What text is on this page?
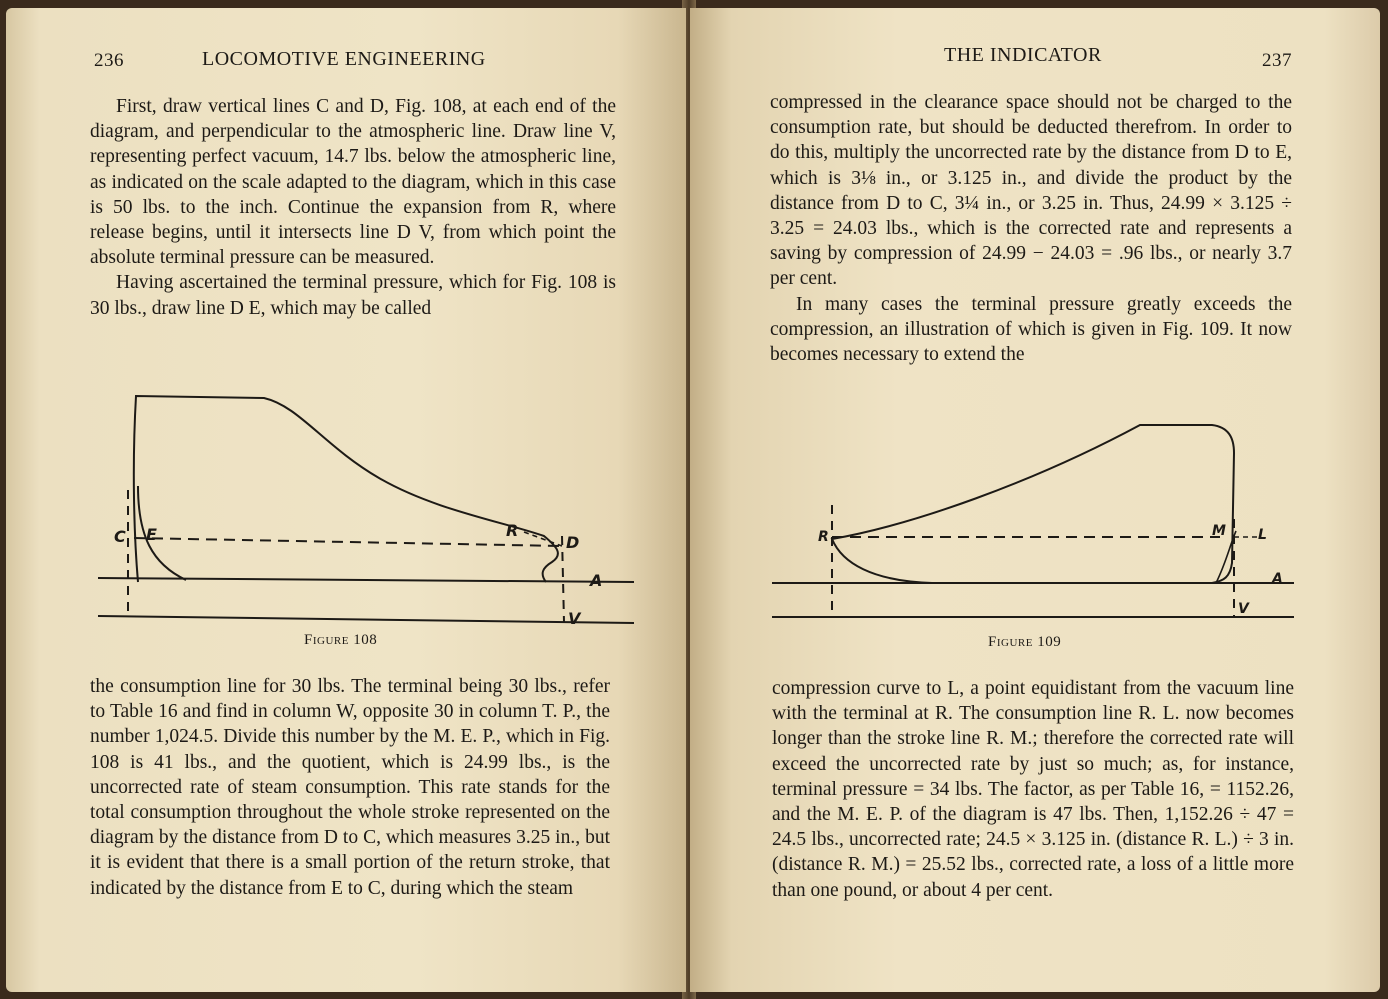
236	LOCOMOTIVE ENGINEERING

First, draw vertical lines C and D, Fig. 108, at each end of the diagram, and perpendicular to the atmospheric line. Draw line V, representing perfect vacuum, 14.7 lbs. below the atmospheric line, as indicated on the scale adapted to the diagram, which in this case is 50 lbs. to the inch. Continue the expansion from R, where release begins, until it intersects line D V, from which point the absolute terminal pressure can be measured.

Having ascertained the terminal pressure, which for Fig. 108 is 30 lbs., draw line D E, which may be called

C E	R
D
A
V
Figure 108

the consumption line for 30 lbs. The terminal being 30 lbs., refer to Table 16 and find in column W, opposite 30 in column T. P., the number 1,024.5. Divide this number by the M. E. P., which in Fig. 108 is 41 lbs., and the quotient, which is 24.99 lbs., is the uncorrected rate of steam consumption. This rate stands for the total consumption throughout the whole stroke represented on the diagram by the distance from D to C, which measures 3.25 in., but it is evident that there is a small portion of the return stroke, that indicated by the distance from E to C, during which the steam

THE INDICATOR	237

compressed in the clearance space should not be charged to the consumption rate, but should be deducted therefrom. In order to do this, multiply the uncorrected rate by the distance from D to E, which is 3⅛ in., or 3.125 in., and divide the product by the distance from D to C, 3¼ in., or 3.25 in. Thus, 24.99 × 3.125 ÷ 3.25 = 24.03 lbs., which is the corrected rate and represents a saving by compression of 24.99 − 24.03 = .96 lbs., or nearly 3.7 per cent.

In many cases the terminal pressure greatly exceeds the compression, an illustration of which is given in Fig. 109. It now becomes necessary to extend the

R	M L
A
V
Figure 109

compression curve to L, a point equidistant from the vacuum line with the terminal at R. The consumption line R. L. now becomes longer than the stroke line R. M.; therefore the corrected rate will exceed the uncorrected rate by just so much; as, for instance, terminal pressure = 34 lbs. The factor, as per Table 16, = 1152.26, and the M. E. P. of the diagram is 47 lbs. Then, 1,152.26 ÷ 47 = 24.5 lbs., uncorrected rate; 24.5 × 3.125 in. (distance R. L.) ÷ 3 in. (distance R. M.) = 25.52 lbs., corrected rate, a loss of a little more than one pound, or about 4 per cent.
